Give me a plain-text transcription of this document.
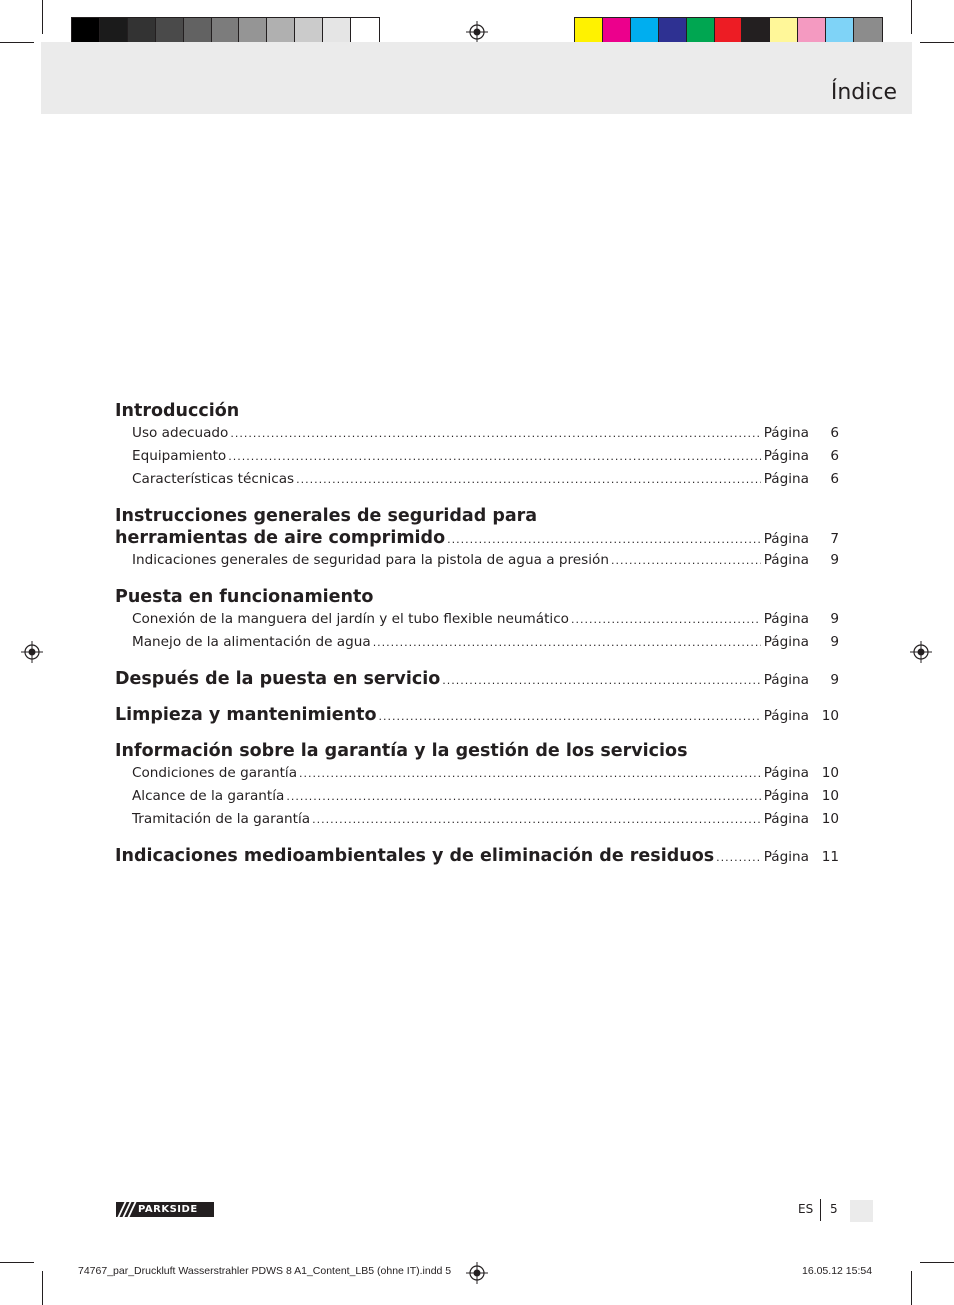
Índice
Introducción
Uso adecuado .....	Página	6
Equipamiento .....	Página	6
Características técnicas .....	Página	6
Instrucciones generales de seguridad para
herramientas de aire comprimido .....	Página	7
Indicaciones generales de seguridad para la pistola de agua a presión .....	Página	9
Puesta en funcionamiento
Conexión de la manguera del jardín y el tubo flexible neumático .....	Página	9
Manejo de la alimentación de agua .....	Página	9
Después de la puesta en servicio .....	Página	9
Limpieza y mantenimiento .....	Página 10
Información sobre la garantía y la gestión de los servicios
Condiciones de garantía .....	Página 10
Alcance de la garantía .....	Página 10
Tramitación de la garantía .....	Página 10
Indicaciones medioambientales y de eliminación de residuos .....	Página 11
PARKSIDE	ES 5
74767_par_Druckluft Wasserstrahler PDWS 8 A1_Content_LB5 (ohne IT).indd 5	16.05.12 15:54
